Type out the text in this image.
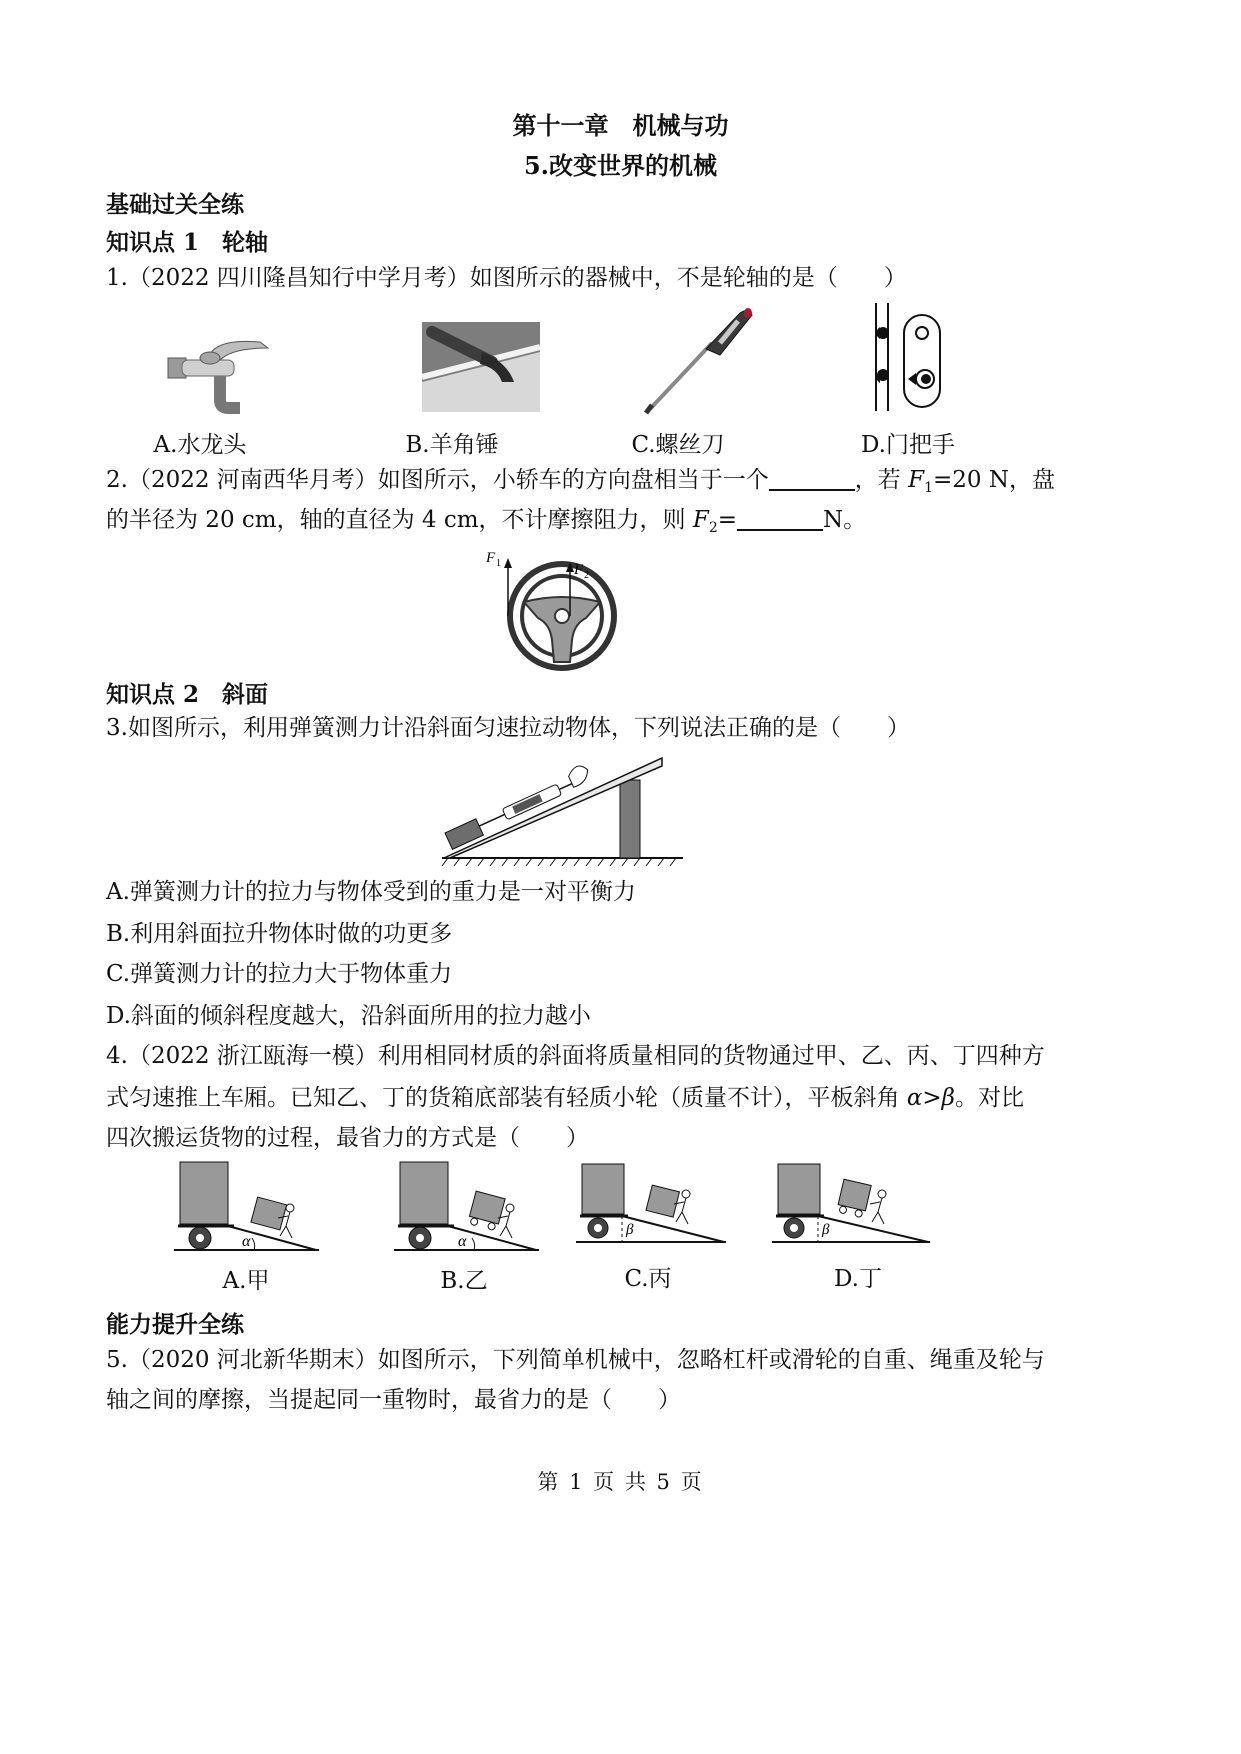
第十一章　机械与功
5.改变世界的机械
基础过关全练
知识点 1　轮轴
1.（2022 四川隆昌知行中学月考）如图所示的器械中，不是轮轴的是（　　）
A.水龙头	B.羊角锤	C.螺丝刀	D.门把手
2.（2022 河南西华月考）如图所示，小轿车的方向盘相当于一个	，若 $F_1=20$ N，盘
的半径为 20 cm，轴的直径为 4 cm，不计摩擦阻力，则 $F_2=$	N。
F 1	F 2
知识点 2　斜面
3.如图所示，利用弹簧测力计沿斜面匀速拉动物体，下列说法正确的是（　　）
A.弹簧测力计的拉力与物体受到的重力是一对平衡力
B.利用斜面拉升物体时做的功更多
C.弹簧测力计的拉力大于物体重力
D.斜面的倾斜程度越大，沿斜面所用的拉力越小
4.（2022 浙江瓯海一模）利用相同材质的斜面将质量相同的货物通过甲、乙、丙、丁四种方
式匀速推上车厢。已知乙、丁的货箱底部装有轻质小轮（质量不计），平板斜角 α>β。对比
四次搬运货物的过程，最省力的方式是（　　）
α	α
β	β
A.甲	B.乙	C.丙	D.丁
能力提升全练
5.（2020 河北新华期末）如图所示，下列简单机械中，忽略杠杆或滑轮的自重、绳重及轮与
轴之间的摩擦，当提起同一重物时，最省力的是（　　）
第 1 页 共 5 页
